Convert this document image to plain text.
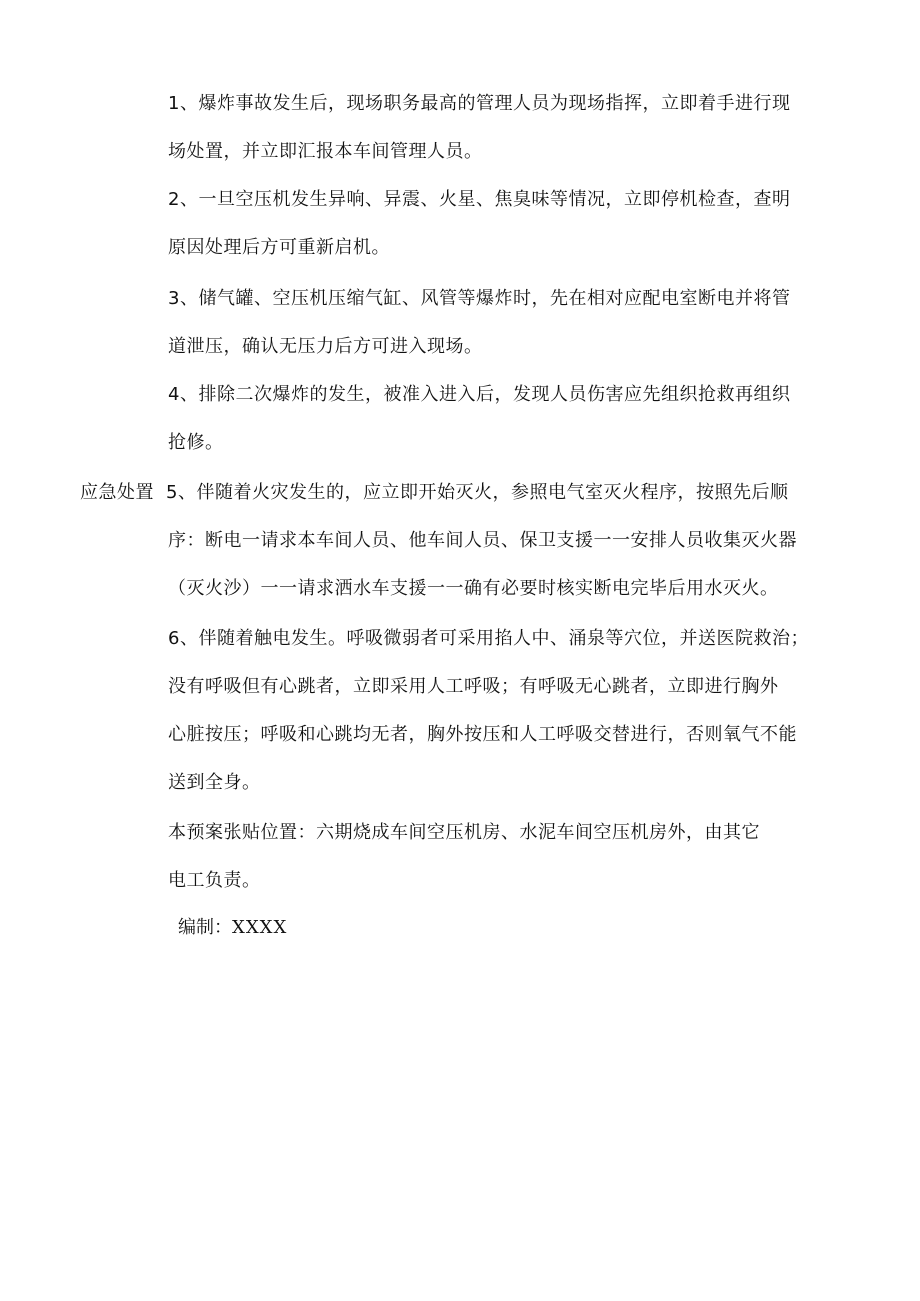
1、爆炸事故发生后，现场职务最高的管理人员为现场指挥，立即着手进行现
场处置，并立即汇报本车间管理人员。
2、一旦空压机发生异响、异震、火星、焦臭味等情况，立即停机检查，查明
原因处理后方可重新启机。
3、储气罐、空压机压缩气缸、风管等爆炸时，先在相对应配电室断电并将管
道泄压，确认无压力后方可进入现场。
4、排除二次爆炸的发生，被准入进入后，发现人员伤害应先组织抢救再组织
抢修。
应急处置 5、伴随着火灾发生的，应立即开始灭火，参照电气室灭火程序，按照先后顺
序：断电一请求本车间人员、他车间人员、保卫支援一一安排人员收集灭火器
（灭火沙）一一请求洒水车支援一一确有必要时核实断电完毕后用水灭火。
6、伴随着触电发生。呼吸微弱者可采用掐人中、涌泉等穴位，并送医院救治；
没有呼吸但有心跳者，立即采用人工呼吸；有呼吸无心跳者，立即进行胸外
心脏按压；呼吸和心跳均无者，胸外按压和人工呼吸交替进行，否则氧气不能
送到全身。
本预案张贴位置：六期烧成车间空压机房、水泥车间空压机房外，由其它
电工负责。
编制：XXXX
